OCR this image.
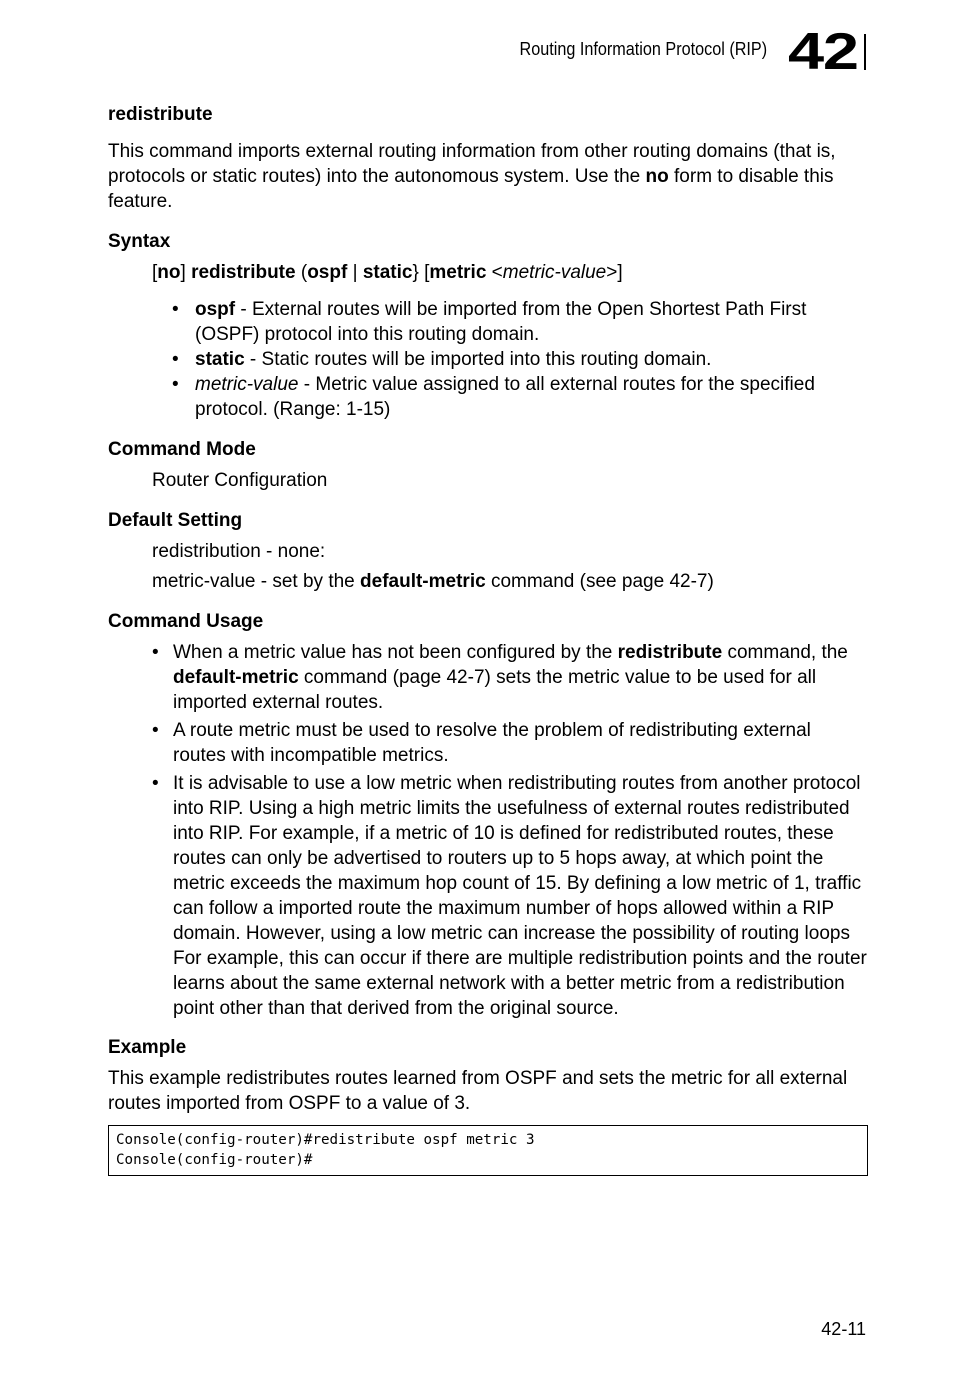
Routing Information Protocol (RIP) 42
redistribute

This command imports external routing information from other routing domains (that is, protocols or static routes) into the autonomous system. Use the no form to disable this feature.

Syntax

[no] redistribute (ospf | static} [metric <metric-value>]

• ospf - External routes will be imported from the Open Shortest Path First (OSPF) protocol into this routing domain.
• static - Static routes will be imported into this routing domain.
• metric-value - Metric value assigned to all external routes for the specified protocol. (Range: 1-15)
Command Mode

Router Configuration

Default Setting

redistribution - none:

metric-value - set by the default-metric command (see page 42-7)

Command Usage
• When a metric value has not been configured by the redistribute command, the default-metric command (page 42-7) sets the metric value to be used for all imported external routes.
• A route metric must be used to resolve the problem of redistributing external routes with incompatible metrics.
• It is advisable to use a low metric when redistributing routes from another protocol into RIP. Using a high metric limits the usefulness of external routes redistributed into RIP. For example, if a metric of 10 is defined for redistributed routes, these routes can only be advertised to routers up to 5 hops away, at which point the metric exceeds the maximum hop count of 15. By defining a low metric of 1, traffic can follow a imported route the maximum number of hops allowed within a RIP domain. However, using a low metric can increase the possibility of routing loops For example, this can occur if there are multiple redistribution points and the router learns about the same external network with a better metric from a redistribution point other than that derived from the original source.
Example

This example redistributes routes learned from OSPF and sets the metric for all external routes imported from OSPF to a value of 3.

Console(config-router)#redistribute ospf metric 3
Console(config-router)#
42-11
